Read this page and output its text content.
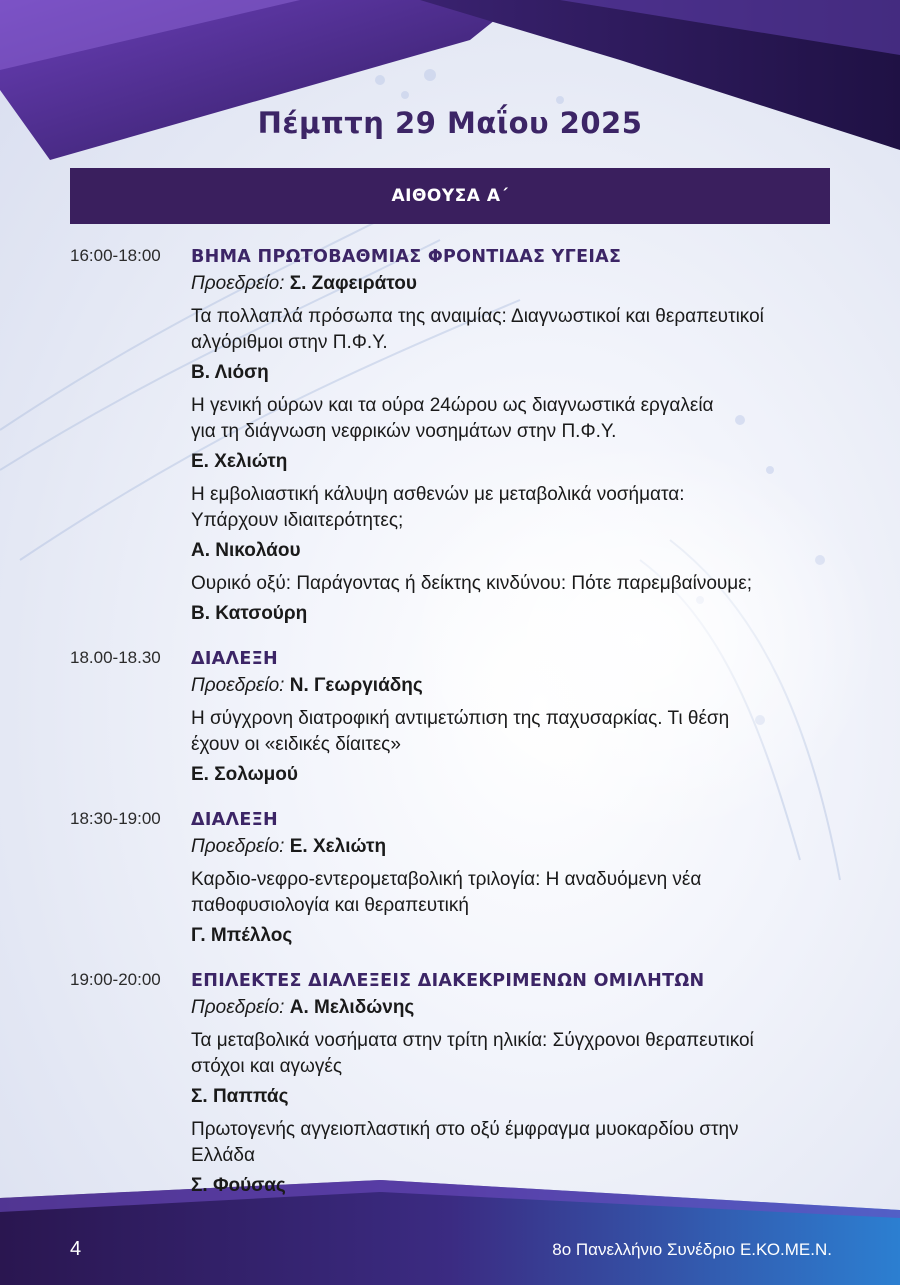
Πέμπτη 29 Μαΐου 2025
ΑΙΘΟΥΣΑ Α΄
16:00-18:00	ΒΗΜΑ ΠΡΩΤΟΒΑΘΜΙΑΣ ΦΡΟΝΤΙΔΑΣ ΥΓΕΙΑΣ
Προεδρείο: Σ. Ζαφειράτου
Τα πολλαπλά πρόσωπα της αναιμίας: Διαγνωστικοί και θεραπευτικοί
αλγόριθμοι στην Π.Φ.Υ.
Β. Λιόση
Η γενική ούρων και τα ούρα 24ώρου ως διαγνωστικά εργαλεία
για τη διάγνωση νεφρικών νοσημάτων στην Π.Φ.Υ.
Ε. Χελιώτη
Η εμβολιαστική κάλυψη ασθενών με μεταβολικά νοσήματα:
Υπάρχουν ιδιαιτερότητες;
Α. Νικολάου
Ουρικό οξύ: Παράγοντας ή δείκτης κινδύνου: Πότε παρεμβαίνουμε;
Β. Κατσούρη
18.00-18.30	ΔΙΑΛΕΞΗ
Προεδρείο: Ν. Γεωργιάδης
Η σύγχρονη διατροφική αντιμετώπιση της παχυσαρκίας. Τι θέση
έχουν οι «ειδικές δίαιτες»
Ε. Σολωμού
18:30-19:00	ΔΙΑΛΕΞΗ
Προεδρείο: Ε. Χελιώτη
Καρδιο-νεφρο-εντερομεταβολική τριλογία: Η αναδυόμενη νέα
παθοφυσιολογία και θεραπευτική
Γ. Μπέλλος
19:00-20:00	ΕΠΙΛΕΚΤΕΣ ΔΙΑΛΕΞΕΙΣ ΔΙΑΚΕΚΡΙΜΕΝΩΝ ΟΜΙΛΗΤΩΝ
Προεδρείο: Α. Μελιδώνης
Τα μεταβολικά νοσήματα στην τρίτη ηλικία: Σύγχρονοι θεραπευτικοί
στόχοι και αγωγές
Σ. Παππάς
Πρωτογενής αγγειοπλαστική στο οξύ έμφραγμα μυοκαρδίου στην
Ελλάδα
Σ. Φούσας
4	8ο Πανελλήνιο Συνέδριο Ε.ΚΟ.ΜΕ.Ν.
